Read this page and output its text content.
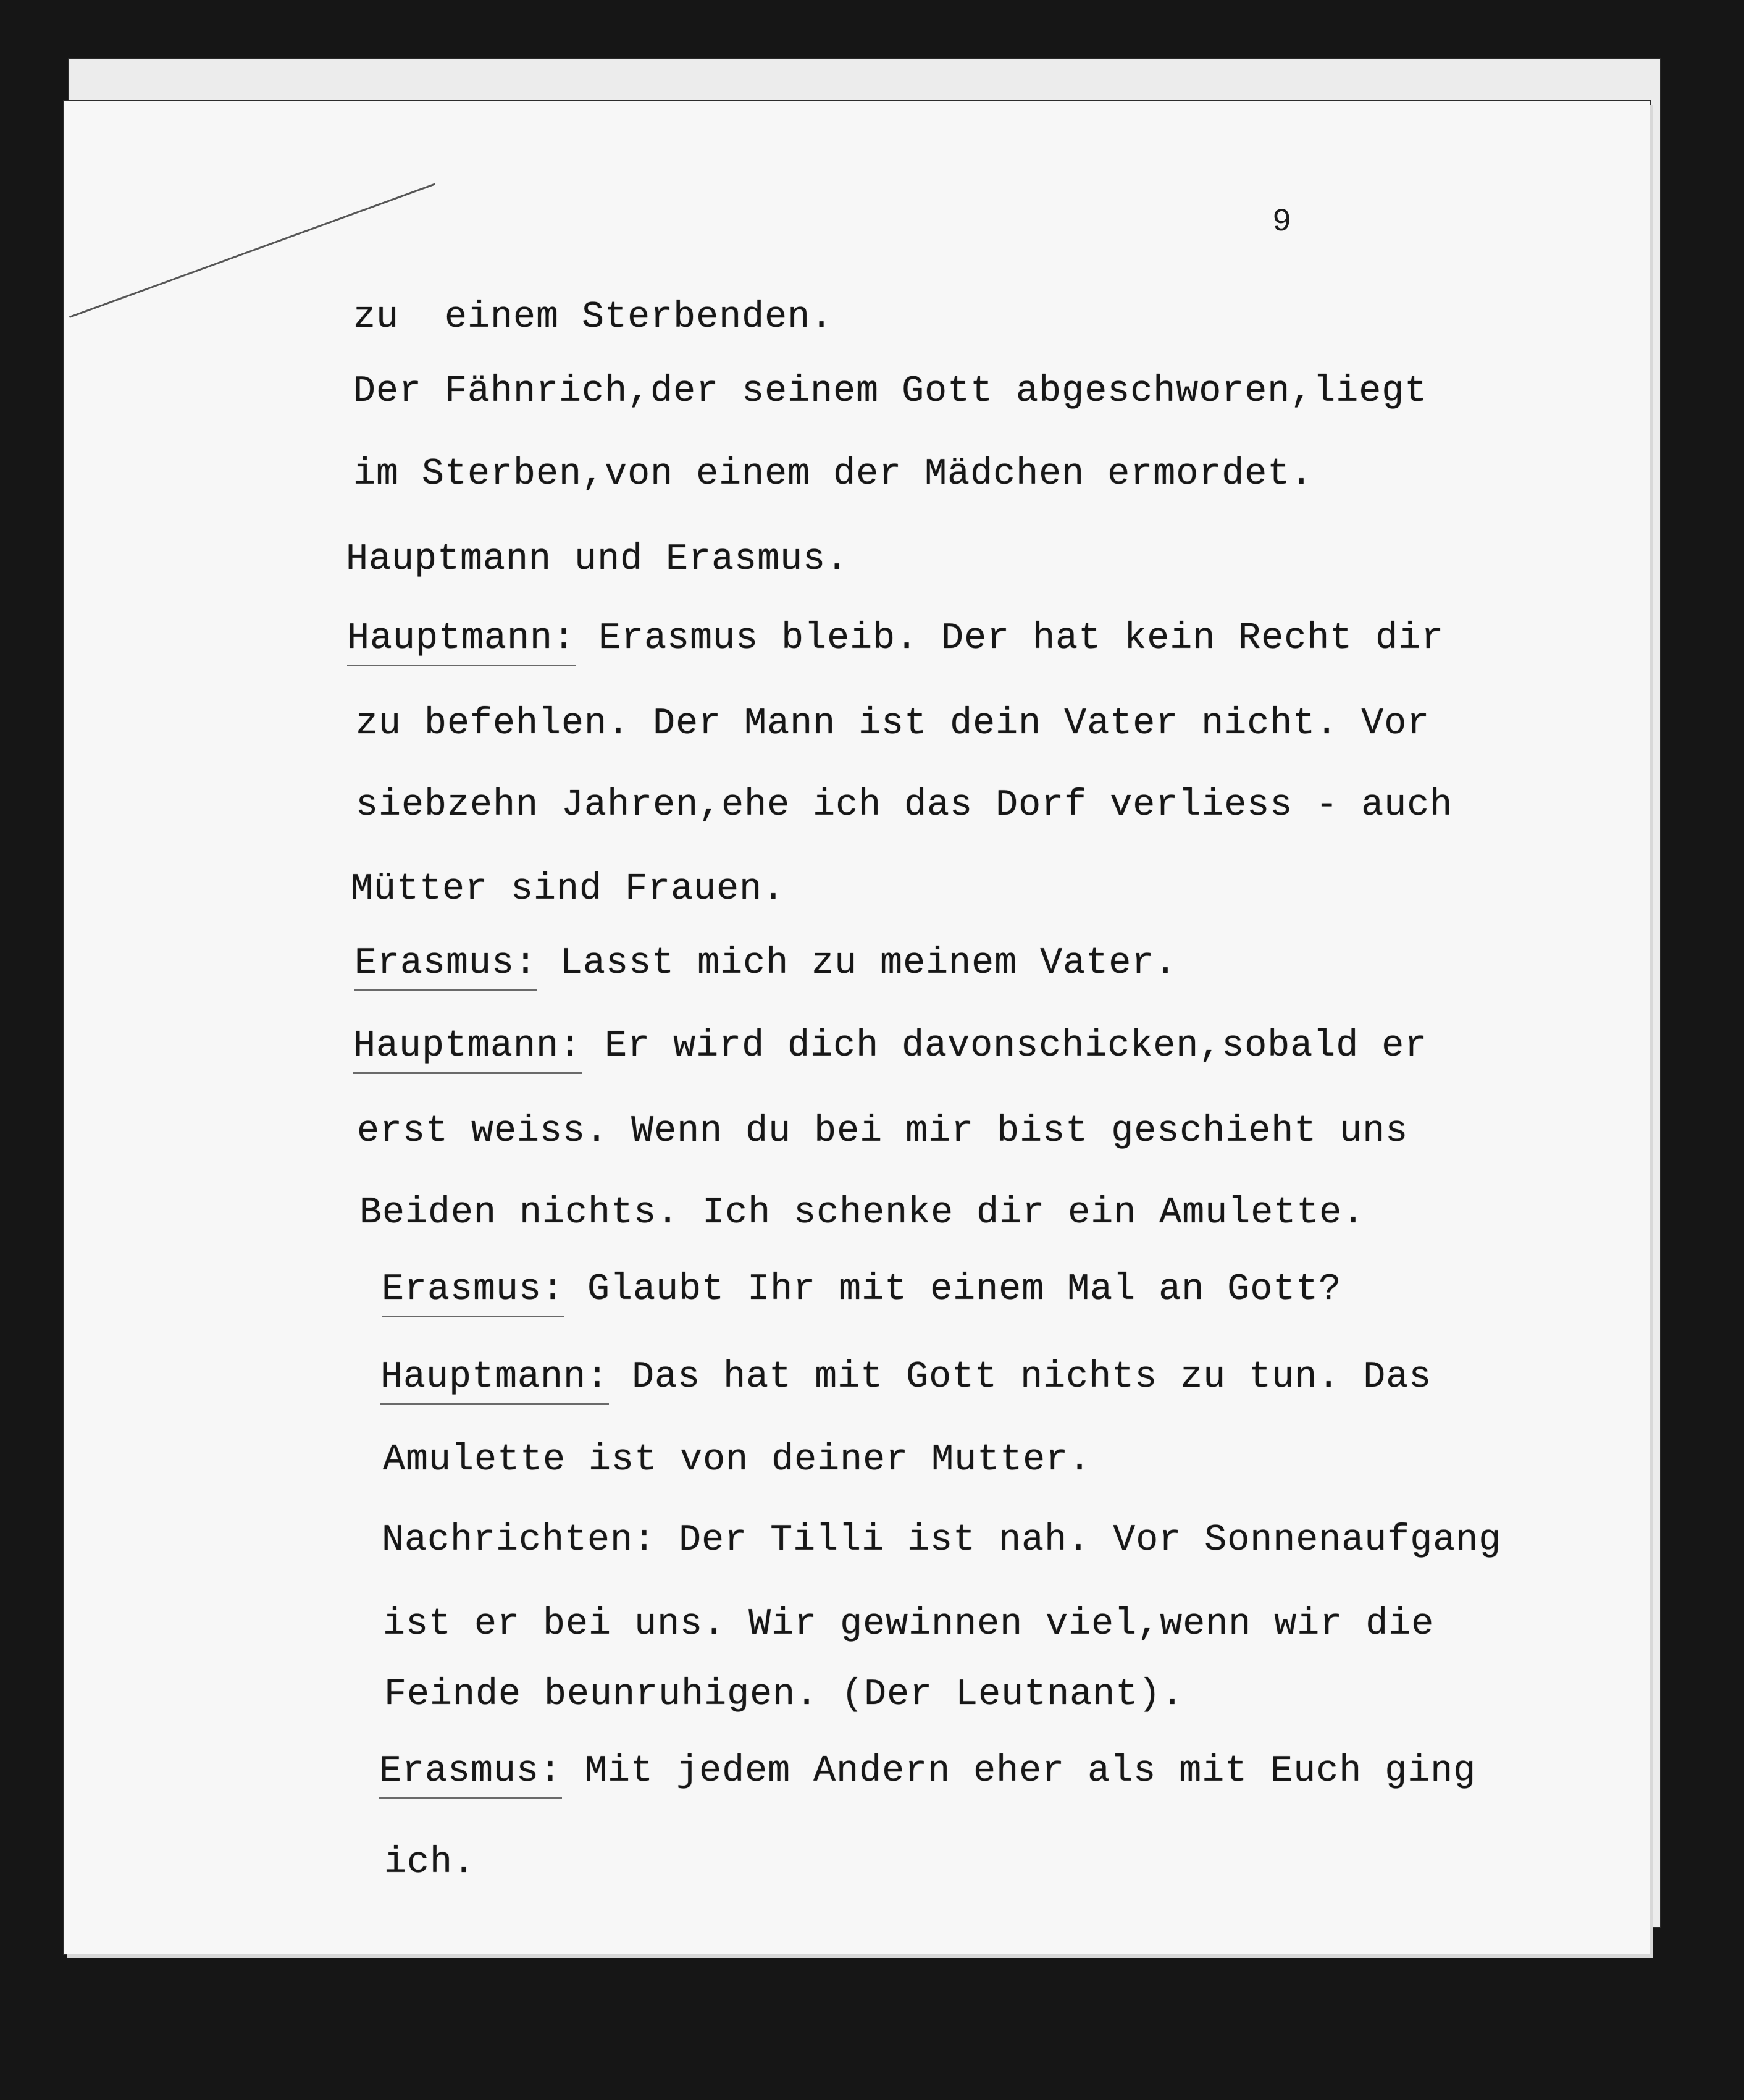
9
zu  einem Sterbenden.
Der Fähnrich,der seinem Gott abgeschworen,liegt
im Sterben,von einem der Mädchen ermordet.
Hauptmann und Erasmus.
Hauptmann: Erasmus bleib. Der hat kein Recht dir
zu befehlen. Der Mann ist dein Vater nicht. Vor
siebzehn Jahren,ehe ich das Dorf verliess - auch
Mütter sind Frauen.
Erasmus: Lasst mich zu meinem Vater.
Hauptmann: Er wird dich davonschicken,sobald er
erst weiss. Wenn du bei mir bist geschieht uns
Beiden nichts. Ich schenke dir ein Amulette.
Erasmus: Glaubt Ihr mit einem Mal an Gott?
Hauptmann: Das hat mit Gott nichts zu tun. Das
Amulette ist von deiner Mutter.
Nachrichten: Der Tilli ist nah. Vor Sonnenaufgang
ist er bei uns. Wir gewinnen viel,wenn wir die
Feinde beunruhigen. (Der Leutnant).
Erasmus: Mit jedem Andern eher als mit Euch ging
ich.
